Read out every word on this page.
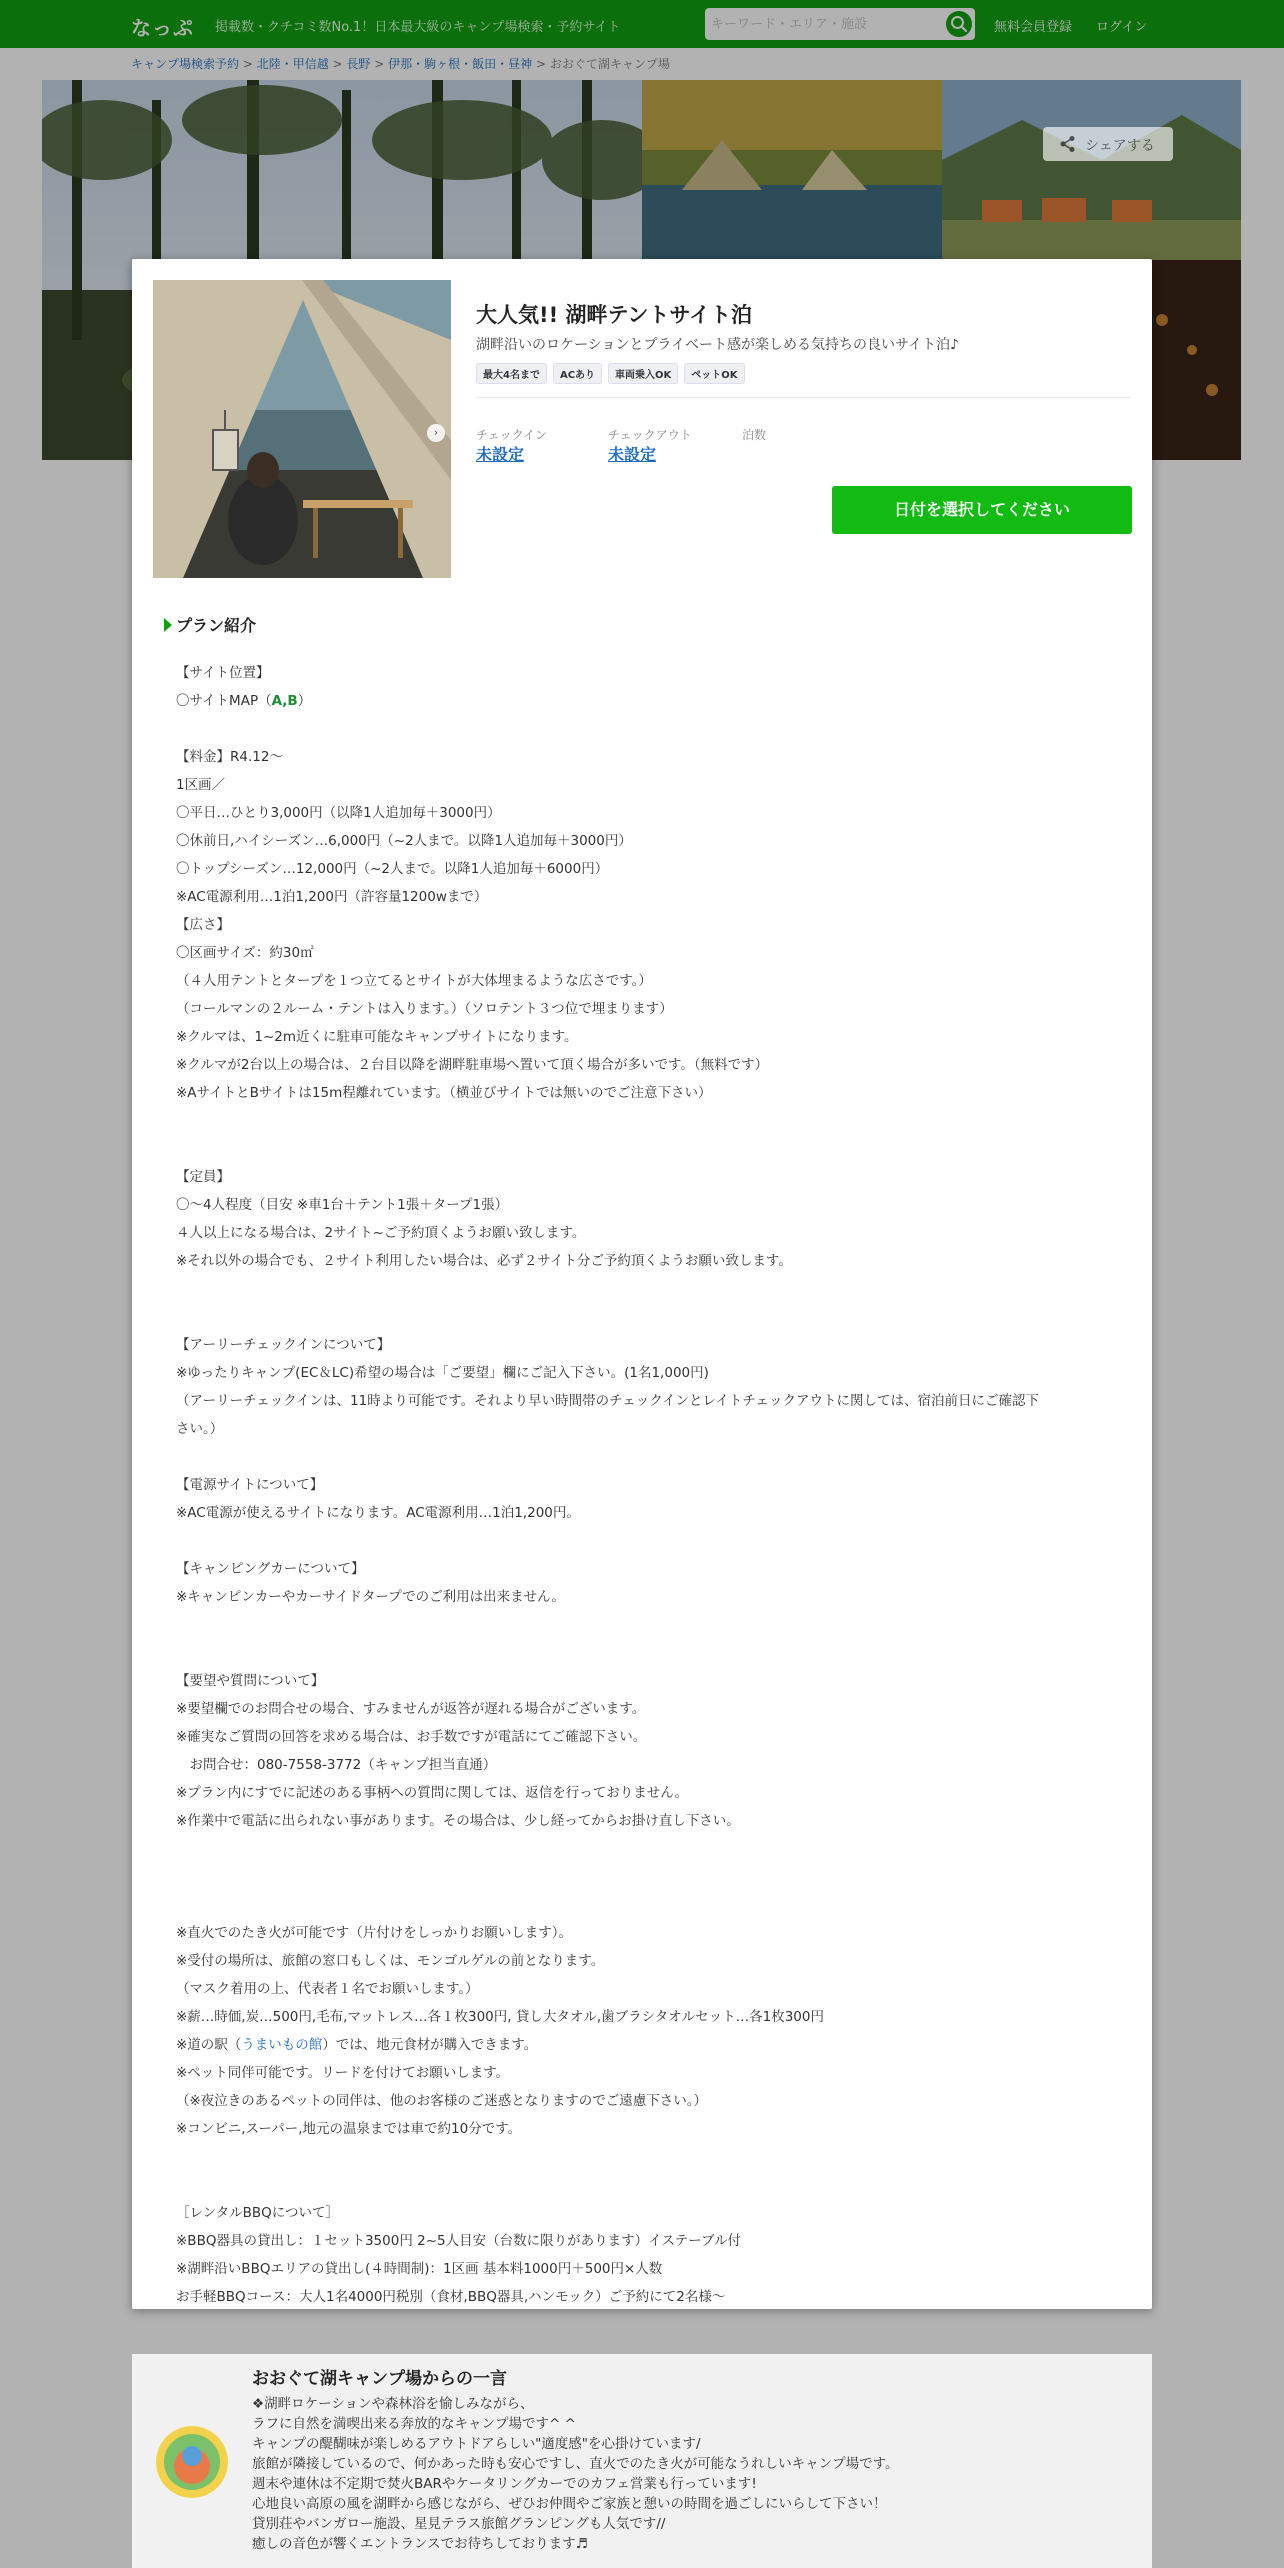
なっぷ 掲載数・クチコミ数No.1！日本最大級のキャンプ場検索・予約サイト
キーワード・エリア・施設	無料会員登録 ログイン
キャンプ場検索予約 > 北陸・甲信越 > 長野 > 伊那・駒ヶ根・飯田・昼神 > おおぐて湖キャンプ場
シェアする
›
大人気!! 湖畔テントサイト泊
湖畔沿いのロケーションとプライベート感が楽しめる気持ちの良いサイト泊♪
最大4名まで ACあり 車両乗入OK ペットOK
チェックイン
未設定
チェックアウト
未設定
泊数
日付を選択してください
プラン紹介

【サイト位置】

〇サイトMAP（A,B）

【料金】R4.12〜

1区画／

〇平日…ひとり3,000円（以降1人追加毎＋3000円）

〇休前日,ハイシーズン…6,000円（~2人まで。以降1人追加毎＋3000円）

〇トップシーズン…12,000円（~2人まで。以降1人追加毎＋6000円）

※AC電源利用…1泊1,200円（許容量1200wまで）

【広さ】

〇区画サイズ：約30㎡

（４人用テントとタープを１つ立てるとサイトが大体埋まるような広さです。）

（コールマンの２ルーム・テントは入ります。）（ソロテント３つ位で埋まります）

※クルマは、1~2m近くに駐車可能なキャンプサイトになります。

※クルマが2台以上の場合は、２台目以降を湖畔駐車場へ置いて頂く場合が多いです。（無料です）

※AサイトとBサイトは15m程離れています。（横並びサイトでは無いのでご注意下さい）

【定員】

〇〜4人程度（目安 ※車1台＋テント1張＋タープ1張）

４人以上になる場合は、2サイト~ご予約頂くようお願い致します。

※それ以外の場合でも、２サイト利用したい場合は、必ず２サイト分ご予約頂くようお願い致します。

【アーリーチェックインについて】

※ゆったりキャンプ(EC＆LC)希望の場合は「ご要望」欄にご記入下さい。(1名1,000円)

（アーリーチェックインは、11時より可能です。それより早い時間帯のチェックインとレイトチェックアウトに関しては、宿泊前日にご確認下

さい。）

【電源サイトについて】

※AC電源が使えるサイトになります。AC電源利用…1泊1,200円。

【キャンピングカーについて】

※キャンピンカーやカーサイドタープでのご利用は出来ません。

【要望や質問について】

※要望欄でのお問合せの場合、すみませんが返答が遅れる場合がございます。

※確実なご質問の回答を求める場合は、お手数ですが電話にてご確認下さい。

　お問合せ：080-7558-3772（キャンプ担当直通）

※プラン内にすでに記述のある事柄への質問に関しては、返信を行っておりません。

※作業中で電話に出られない事があります。その場合は、少し経ってからお掛け直し下さい。

※直火でのたき火が可能です（片付けをしっかりお願いします）。

※受付の場所は、旅館の窓口もしくは、モンゴルゲルの前となります。

（マスク着用の上、代表者１名でお願いします。）

※薪…時価,炭…500円,毛布,マットレス…各１枚300円, 貸し大タオル,歯ブラシタオルセット…各1枚300円

※道の駅（うまいもの館）では、地元食材が購入できます。

※ペット同伴可能です。リードを付けてお願いします。

（※夜泣きのあるペットの同伴は、他のお客様のご迷惑となりますのでご遠慮下さい。）

※コンビニ,スーパー,地元の温泉までは車で約10分です。

［レンタルBBQについて］

※BBQ器具の貸出し：１セット3500円 2~5人目安（台数に限りがあります）イステーブル付

※湖畔沿いBBQエリアの貸出し(４時間制)：1区画 基本料1000円＋500円×人数

お手軽BBQコース：大人1名4000円税別（食材,BBQ器具,ハンモック）ご予約にて2名様〜

おおぐて湖キャンプ場からの一言

❖湖畔ロケーションや森林浴を愉しみながら、

ラフに自然を満喫出来る奔放的なキャンプ場です^ ^

キャンプの醍醐味が楽しめるアウトドアらしい"適度感"を心掛けています/

旅館が隣接しているので、何かあった時も安心ですし、直火でのたき火が可能なうれしいキャンプ場です。

週末や連休は不定期で焚火BARやケータリングカーでのカフェ営業も行っています!

心地良い高原の風を湖畔から感じながら、ぜひお仲間やご家族と憩いの時間を過ごしにいらして下さい！

貸別荘やバンガロー施設、星見テラス旅館グランピングも人気です//

癒しの音色が響くエントランスでお待ちしております♬
